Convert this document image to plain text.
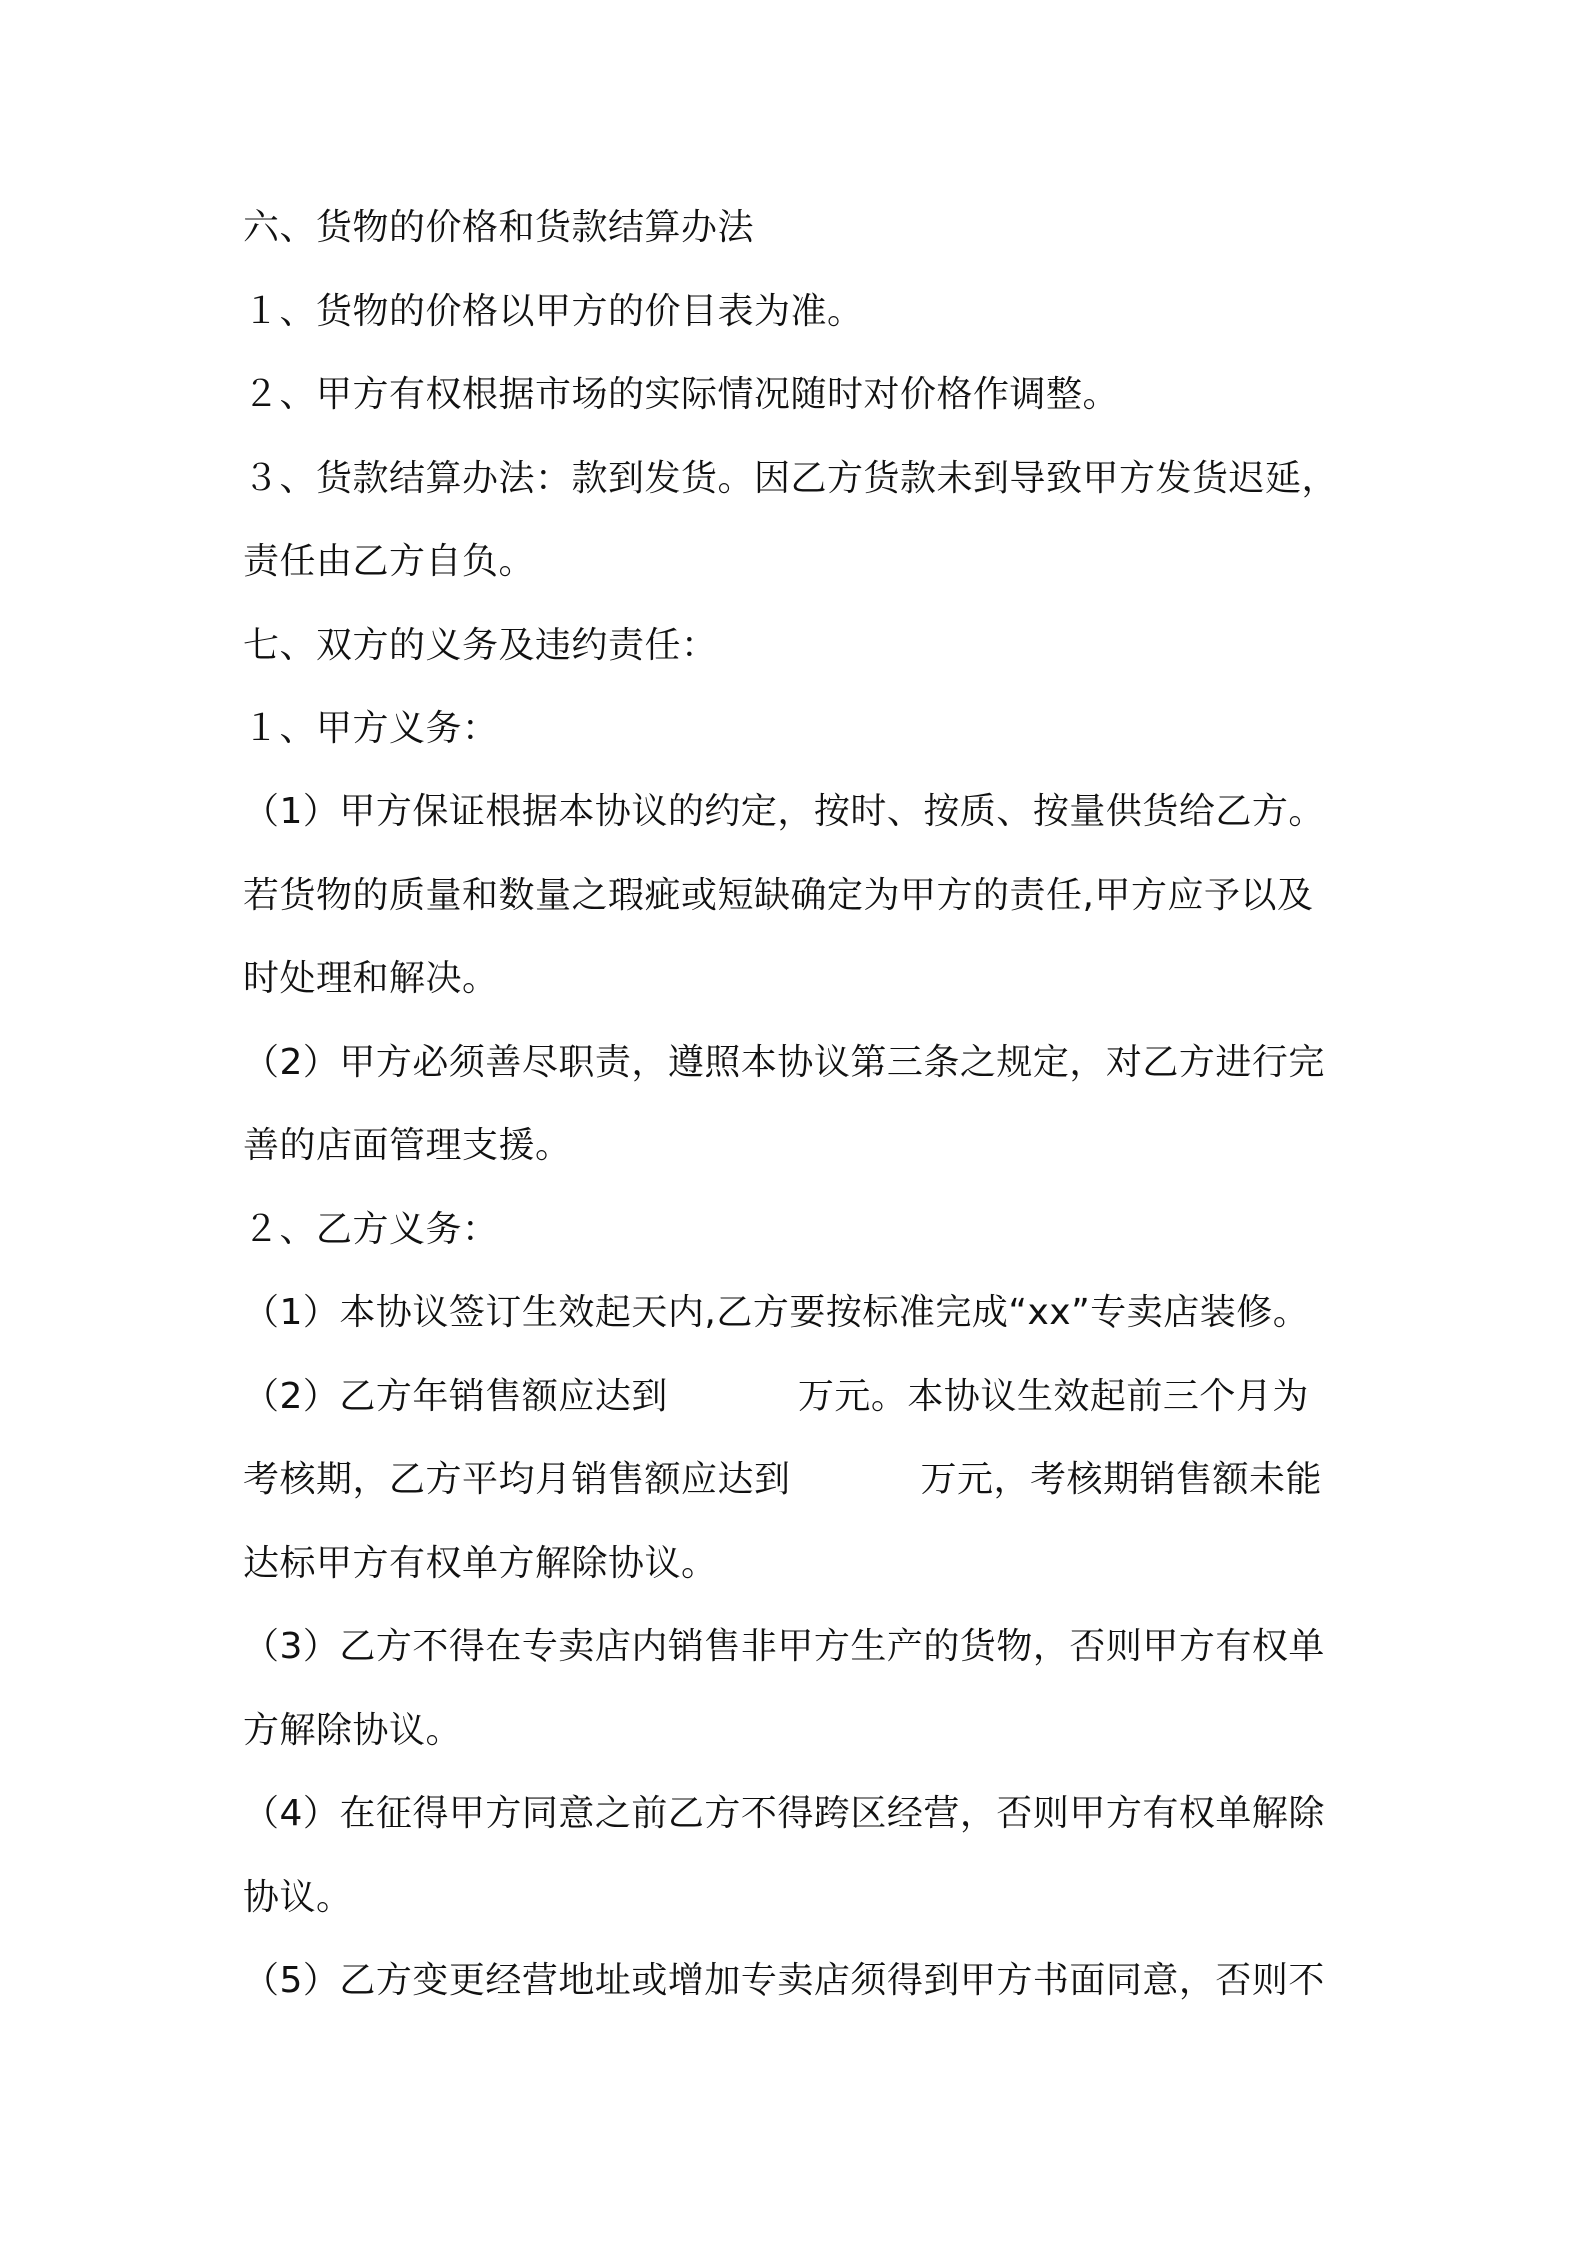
六、货物的价格和货款结算办法
１、货物的价格以甲方的价目表为准。
２、甲方有权根据市场的实际情况随时对价格作调整。
３、货款结算办法：款到发货。因乙方货款未到导致甲方发货迟延，
责任由乙方自负。
七、双方的义务及违约责任：
１、甲方义务：
（1）甲方保证根据本协议的约定，按时、按质、按量供货给乙方。
若货物的质量和数量之瑕疵或短缺确定为甲方的责任,甲方应予以及
时处理和解决。
（2）甲方必须善尽职责，遵照本协议第三条之规定，对乙方进行完
善的店面管理支援。
２、乙方义务：
（1）本协议签订生效起天内,乙方要按标准完成“xx”专卖店装修。
（2）乙方年销售额应达到	万元。本协议生效起前三个月为
考核期，乙方平均月销售额应达到	万元，考核期销售额未能
达标甲方有权单方解除协议。
（3）乙方不得在专卖店内销售非甲方生产的货物，否则甲方有权单
方解除协议。
（4）在征得甲方同意之前乙方不得跨区经营，否则甲方有权单解除
协议。
（5）乙方变更经营地址或增加专卖店须得到甲方书面同意，否则不
